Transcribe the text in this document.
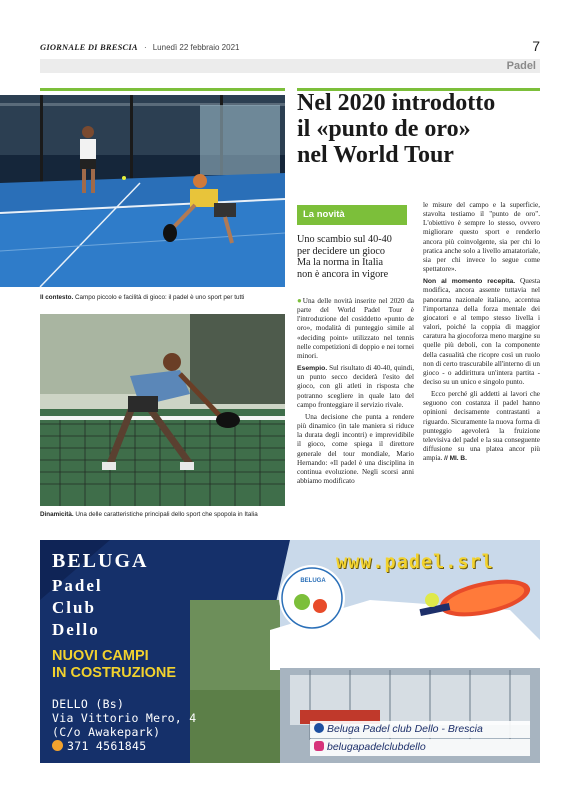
GIORNALE DI BRESCIA · Lunedì 22 febbraio 2021	7
Padel
Il contesto. Campo piccolo e facilità di gioco: il padel è uno sport per tutti
Dinamicità. Una delle caratteristiche principali dello sport che spopola in Italia
Nel 2020 introdotto
il «punto de oro»
nel World Tour
La novità
Uno scambio sul 40-40
per decidere un gioco
Ma la norma in Italia
non è ancora in vigore

●Una delle novità inserite nel 2020 da parte del World Padel Tour è l'introduzione del cosiddetto «punto de oro», modalità di punteggio simile al «deciding point» utilizzato nel tennis nelle competizioni di doppio e nei tornei minori.

Esempio. Sul risultato di 40-40, quindi, un punto secco deciderà l'esito del gioco, con gli atleti in risposta che potranno scegliere in quale lato del campo fronteggiare il servizio rivale.

Una decisione che punta a rendere più dinamico (in tale maniera si riduce la durata degli incontri) e imprevidibile il gioco, come spiega il direttore generale del tour mondiale, Mario Hernando: «Il padel è una disciplina in continua evoluzione. Negli scorsi anni abbiamo modificato

le misure del campo e la superficie, stavolta testiamo il "punto de oro". L'obiettivo è sempre lo stesso, ovvero migliorare questo sport e renderlo ancora più coinvolgente, sia per chi lo pratica anche solo a livello amatatoriale, sia per chi invece lo segue come spettatore».

Non al momento recepita. Questa modifica, ancora assente tuttavia nel panorama nazionale italiano, accentua l'importanza della forza mentale dei giocatori e al tempo stesso livella i valori, poiché la coppia di maggior caratura ha giocoforza meno margine su quelle più deboli, con la componente della casualità che ricopre così un ruolo non di certo trascurabile all'interno di un gioco - o addirittura un'intera partita - deciso su un unico e singolo punto.

Ecco perché gli addetti ai lavori che seguono con costanza il padel hanno opinioni decisamente contrastanti a riguardo. Sicuramente la nuova forma di punteggio agevolerà la fruizione televisiva del padel e la sua conseguente diffusione su una platea ancor più ampia. // MI. B.

BELUGA
BELUGA
Padel
Club
Dello
NUOVI CAMPI
IN COSTRUZIONE
DELLO (Bs)
Via Vittorio Mero, 4
(C/o Awakepark)
371 4561845
www.padel.srl
Beluga Padel club Dello - Brescia
belugapadelclubdello
